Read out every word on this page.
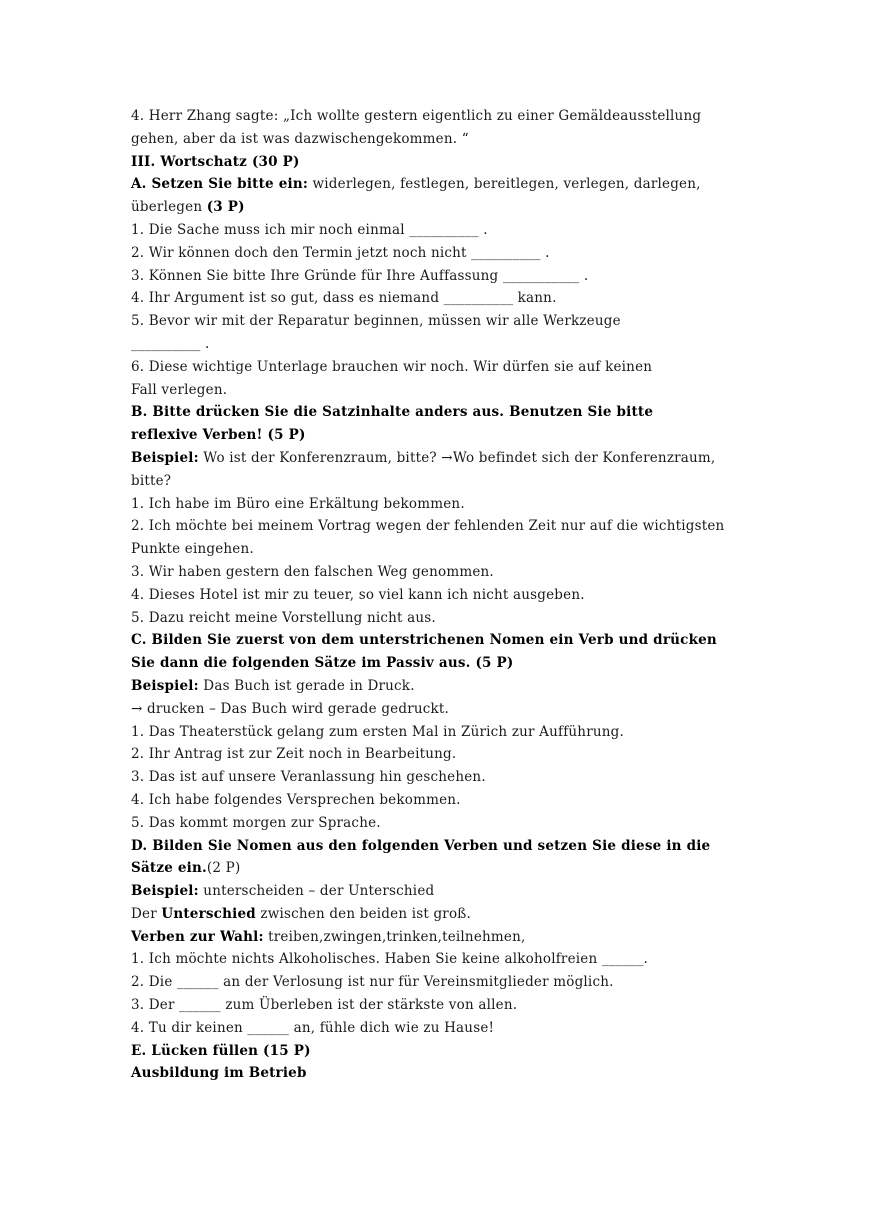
4. Herr Zhang sagte: „Ich wollte gestern eigentlich zu einer Gemäldeausstellung
gehen, aber da ist was dazwischengekommen. “
III. Wortschatz (30 P)
A. Setzen Sie bitte ein: widerlegen, festlegen, bereitlegen, verlegen, darlegen,
überlegen (3 P)
1. Die Sache muss ich mir noch einmal __________ .
2. Wir können doch den Termin jetzt noch nicht __________ .
3. Können Sie bitte Ihre Gründe für Ihre Auffassung ___________ .
4. Ihr Argument ist so gut, dass es niemand __________ kann.
5. Bevor wir mit der Reparatur beginnen, müssen wir alle Werkzeuge
__________ .
6. Diese wichtige Unterlage brauchen wir noch. Wir dürfen sie auf keinen
Fall verlegen.
B. Bitte drücken Sie die Satzinhalte anders aus. Benutzen Sie bitte
reflexive Verben! (5 P)
Beispiel: Wo ist der Konferenzraum, bitte? →Wo befindet sich der Konferenzraum,
bitte?
1. Ich habe im Büro eine Erkältung bekommen.
2. Ich möchte bei meinem Vortrag wegen der fehlenden Zeit nur auf die wichtigsten
Punkte eingehen.
3. Wir haben gestern den falschen Weg genommen.
4. Dieses Hotel ist mir zu teuer, so viel kann ich nicht ausgeben.
5. Dazu reicht meine Vorstellung nicht aus.
C. Bilden Sie zuerst von dem unterstrichenen Nomen ein Verb und drücken
Sie dann die folgenden Sätze im Passiv aus. (5 P)
Beispiel: Das Buch ist gerade in Druck.
→ drucken – Das Buch wird gerade gedruckt.
1. Das Theaterstück gelang zum ersten Mal in Zürich zur Aufführung.
2. Ihr Antrag ist zur Zeit noch in Bearbeitung.
3. Das ist auf unsere Veranlassung hin geschehen.
4. Ich habe folgendes Versprechen bekommen.
5. Das kommt morgen zur Sprache.
D. Bilden Sie Nomen aus den folgenden Verben und setzen Sie diese in die
Sätze ein.(2 P)
Beispiel: unterscheiden – der Unterschied
Der Unterschied zwischen den beiden ist groß.
Verben zur Wahl: treiben,zwingen,trinken,teilnehmen,
1. Ich möchte nichts Alkoholisches. Haben Sie keine alkoholfreien ______.
2. Die ______ an der Verlosung ist nur für Vereinsmitglieder möglich.
3. Der ______ zum Überleben ist der stärkste von allen.
4. Tu dir keinen ______ an, fühle dich wie zu Hause!
E. Lücken füllen (15 P)
Ausbildung im Betrieb
